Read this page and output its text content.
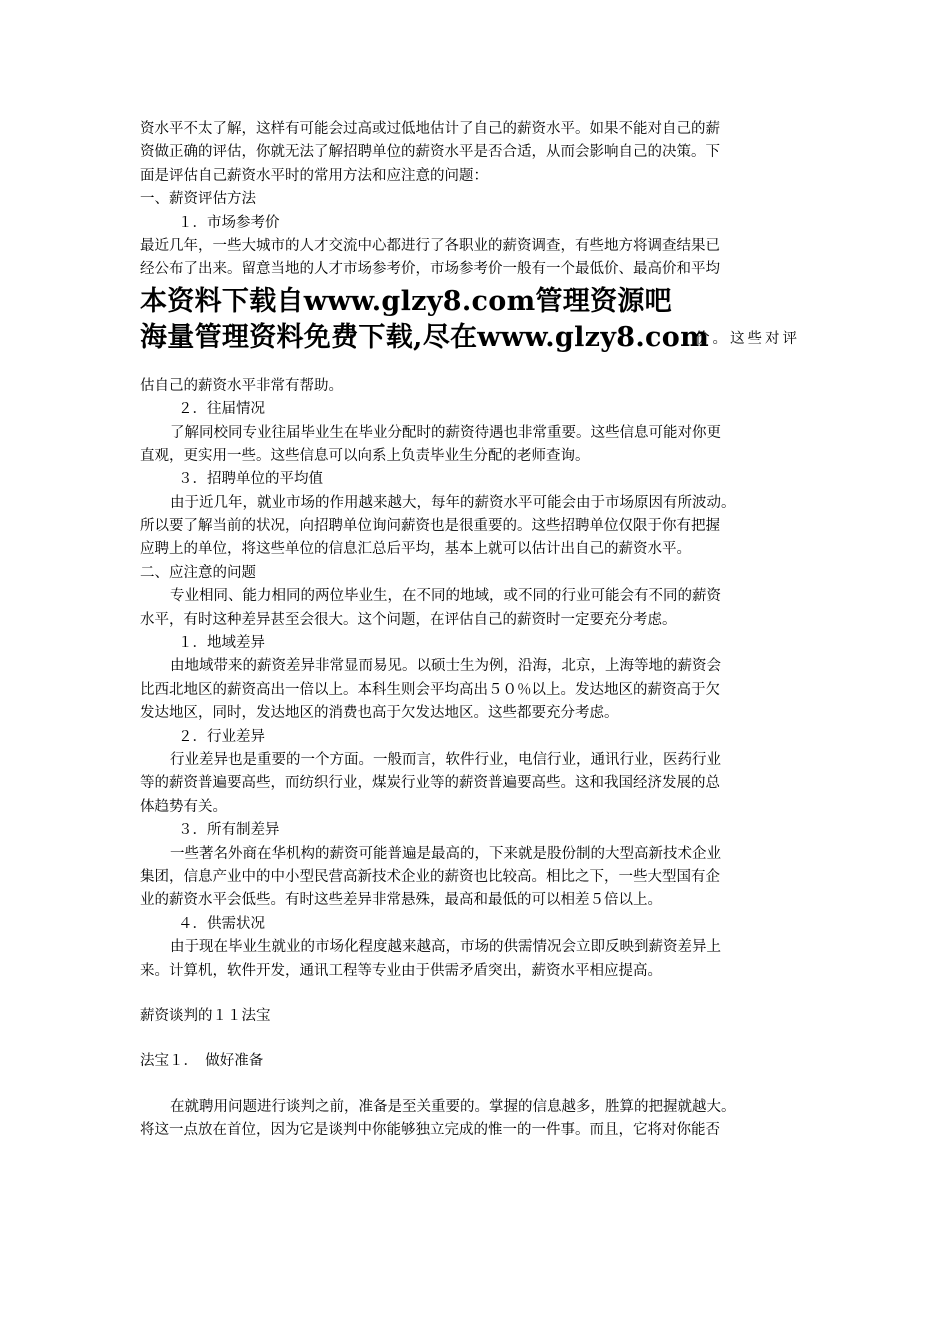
资水平不太了解，这样有可能会过高或过低地估计了自己的薪资水平。如果不能对自己的薪
资做正确的评估，你就无法了解招聘单位的薪资水平是否合适，从而会影响自己的决策。下
面是评估自己薪资水平时的常用方法和应注意的问题：
一、薪资评估方法
１．市场参考价
最近几年，一些大城市的人才交流中心都进行了各职业的薪资调查，有些地方将调查结果已
经公布了出来。留意当地的人才市场参考价，市场参考价一般有一个最低价、最高价和平均
本资料下载自www.glzy8.com管理资源吧
海量管理资料免费下载,尽在www.glzy8.com
价。这些对评
估自己的薪资水平非常有帮助。
２．往届情况
了解同校同专业往届毕业生在毕业分配时的薪资待遇也非常重要。这些信息可能对你更
直观，更实用一些。这些信息可以向系上负责毕业生分配的老师查询。
３．招聘单位的平均值
由于近几年，就业市场的作用越来越大，每年的薪资水平可能会由于市场原因有所波动。
所以要了解当前的状况，向招聘单位询问薪资也是很重要的。这些招聘单位仅限于你有把握
应聘上的单位，将这些单位的信息汇总后平均，基本上就可以估计出自己的薪资水平。
二、应注意的问题
专业相同、能力相同的两位毕业生，在不同的地域，或不同的行业可能会有不同的薪资
水平，有时这种差异甚至会很大。这个问题，在评估自己的薪资时一定要充分考虑。
１．地域差异
由地域带来的薪资差异非常显而易见。以硕士生为例，沿海，北京，上海等地的薪资会
比西北地区的薪资高出一倍以上。本科生则会平均高出５０％以上。发达地区的薪资高于欠
发达地区，同时，发达地区的消费也高于欠发达地区。这些都要充分考虑。
２．行业差异
行业差异也是重要的一个方面。一般而言，软件行业，电信行业，通讯行业，医药行业
等的薪资普遍要高些，而纺织行业，煤炭行业等的薪资普遍要高些。这和我国经济发展的总
体趋势有关。
３．所有制差异
一些著名外商在华机构的薪资可能普遍是最高的，下来就是股份制的大型高新技术企业
集团，信息产业中的中小型民营高新技术企业的薪资也比较高。相比之下，一些大型国有企
业的薪资水平会低些。有时这些差异非常悬殊，最高和最低的可以相差５倍以上。
４．供需状况
由于现在毕业生就业的市场化程度越来越高，市场的供需情况会立即反映到薪资差异上
来。计算机，软件开发，通讯工程等专业由于供需矛盾突出，薪资水平相应提高。
薪资谈判的１１法宝
法宝１．　做好准备
在就聘用问题进行谈判之前，准备是至关重要的。掌握的信息越多，胜算的把握就越大。
将这一点放在首位，因为它是谈判中你能够独立完成的惟一的一件事。而且，它将对你能否
